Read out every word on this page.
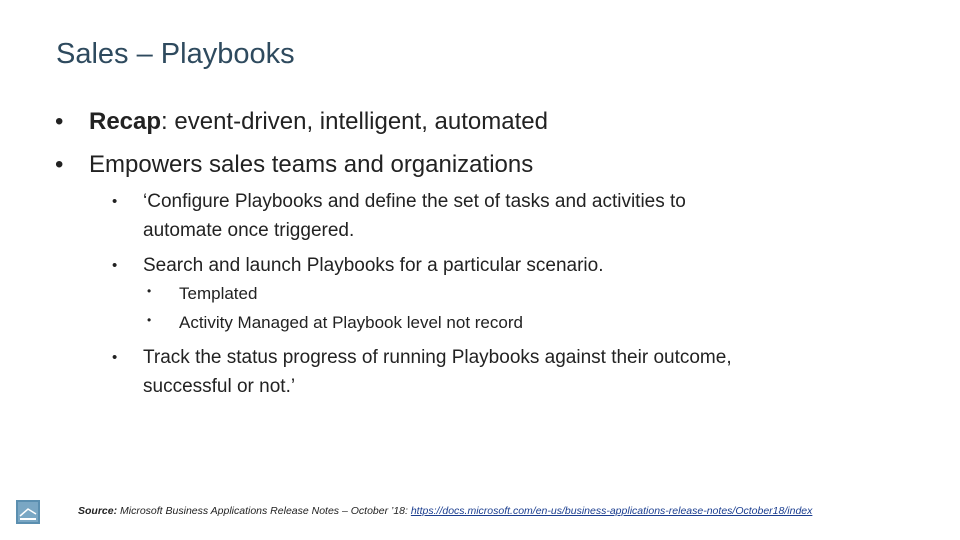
Sales – Playbooks
• Recap: event-driven, intelligent, automated
• Empowers sales teams and organizations
• ‘Configure Playbooks and define the set of tasks and activities to
automate once triggered.
• Search and launch Playbooks for a particular scenario.
• Templated
• Activity Managed at Playbook level not record
• Track the status progress of running Playbooks against their outcome,
successful or not.’
Source: Microsoft Business Applications Release Notes – October ’18: https://docs.microsoft.com/en-us/business-applications-release-notes/October18/index
